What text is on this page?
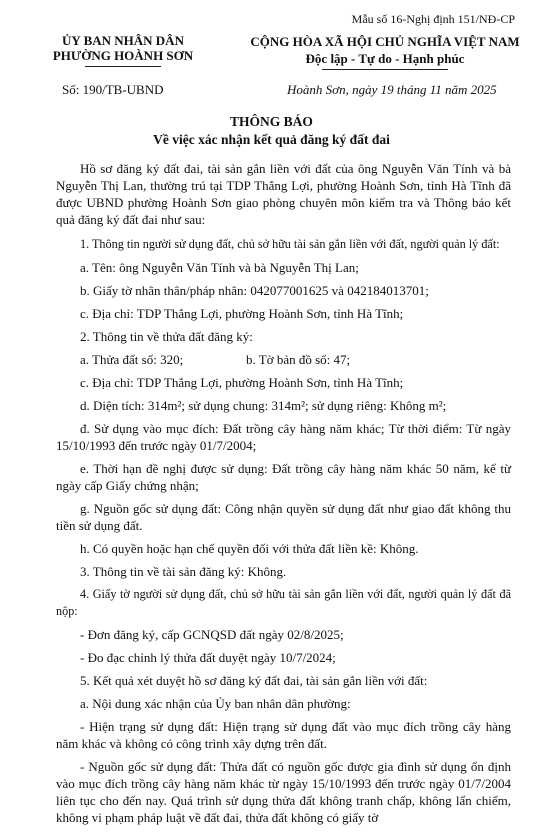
Mẫu số 16-Nghị định 151/NĐ-CP
ỦY BAN NHÂN DÂN
PHƯỜNG HOÀNH SƠN
CỘNG HÒA XÃ HỘI CHỦ NGHĨA VIỆT NAM
Độc lập - Tự do - Hạnh phúc
Số: 190/TB-UBND	Hoành Sơn, ngày 19 tháng 11 năm 2025
THÔNG BÁO
Về việc xác nhận kết quả đăng ký đất đai

Hồ sơ đăng ký đất đai, tài sản gắn liền với đất của ông Nguyễn Văn Tính và bà Nguyễn Thị Lan, thường trú tại TDP Thắng Lợi, phường Hoành Sơn, tỉnh Hà Tĩnh đã được UBND phường Hoành Sơn giao phòng chuyên môn kiểm tra và Thông báo kết quả đăng ký đất đai như sau:

1. Thông tin người sử dụng đất, chủ sở hữu tài sản gắn liền với đất, người quản lý đất:

a. Tên: ông Nguyễn Văn Tính và bà Nguyễn Thị Lan;

b. Giấy tờ nhân thân/pháp nhân: 042077001625 và 042184013701;

c. Địa chỉ: TDP Thắng Lợi, phường Hoành Sơn, tỉnh Hà Tĩnh;

2. Thông tin về thửa đất đăng ký:

a. Thửa đất số: 320;	b. Tờ bản đồ số: 47;

c. Địa chỉ: TDP Thắng Lợi, phường Hoành Sơn, tỉnh Hà Tĩnh;

d. Diện tích: 314m²; sử dụng chung: 314m²; sử dụng riêng: Không m²;

đ. Sử dụng vào mục đích: Đất trồng cây hàng năm khác; Từ thời điểm: Từ ngày 15/10/1993 đến trước ngày 01/7/2004;

e. Thời hạn đề nghị được sử dụng: Đất trồng cây hàng năm khác 50 năm, kể từ ngày cấp Giấy chứng nhận;

g. Nguồn gốc sử dụng đất: Công nhận quyền sử dụng đất như giao đất không thu tiền sử dụng đất.

h. Có quyền hoặc hạn chế quyền đối với thửa đất liền kề: Không.

3. Thông tin về tài sản đăng ký: Không.

4. Giấy tờ người sử dụng đất, chủ sở hữu tài sản gắn liền với đất, người quản lý đất đã nộp:

- Đơn đăng ký, cấp GCNQSD đất ngày 02/8/2025;

- Đo đạc chỉnh lý thửa đất duyệt ngày 10/7/2024;

5. Kết quả xét duyệt hồ sơ đăng ký đất đai, tài sản gắn liền với đất:

a. Nội dung xác nhận của Ủy ban nhân dân phường:

- Hiện trạng sử dụng đất: Hiện trạng sử dụng đất vào mục đích trồng cây hàng năm khác và không có công trình xây dựng trên đất.

- Nguồn gốc sử dụng đất: Thửa đất có nguồn gốc được gia đình sử dụng ổn định vào mục đích trồng cây hàng năm khác từ ngày 15/10/1993 đến trước ngày 01/7/2004 liên tục cho đến nay. Quá trình sử dụng thửa đất không tranh chấp, không lấn chiếm, không vi phạm pháp luật về đất đai, thửa đất không có giấy tờ
